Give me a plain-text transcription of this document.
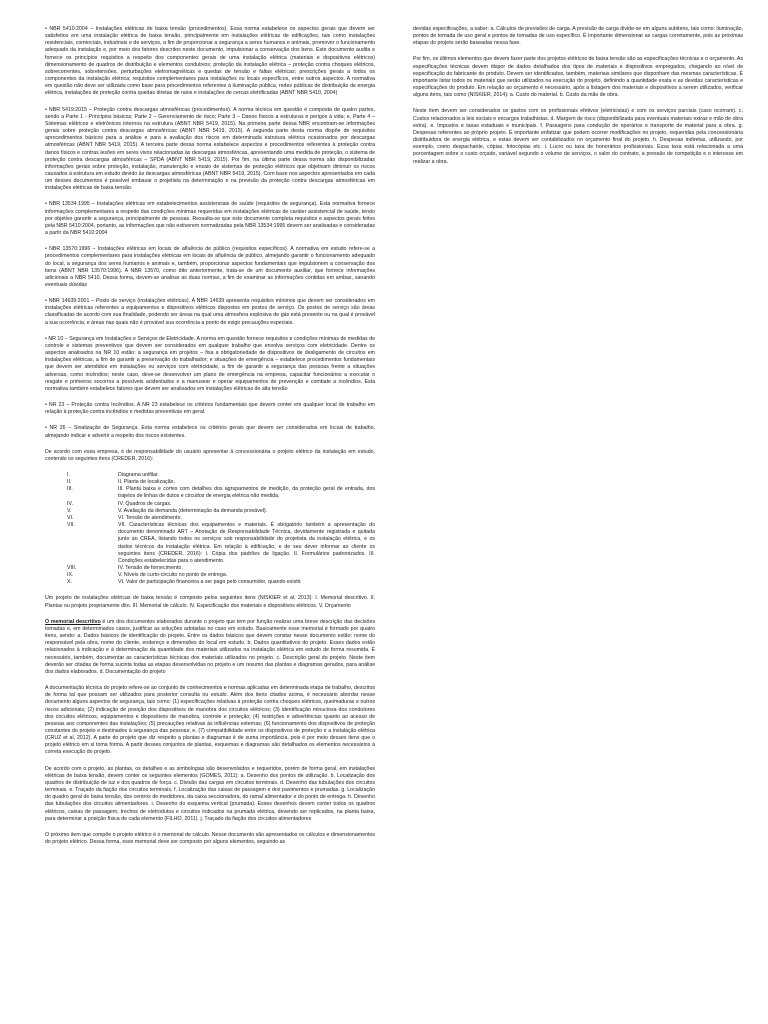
• NBR 5410:2004 – Instalações elétricas de baixa tensão (procedimentos). Essa norma estabelece os aspectos gerais que devem ser satisfeitos em uma instalação elétrica de baixa tensão, principalmente em instalações elétricas de edificações, tais como instalações residenciais, comerciais, industriais e de serviços, a fim de proporcionar a segurança a seres humanos e animais, promover o funcionamento adequado da instalação e, por meio dos fatores descritos neste documento, impulsionar a conservação dos bens. Este documento audita e fornece os princípios requisitos a respeito dos componentes gerais de uma instalação elétrica (materiais e dispositivos elétricos) dimensionamento de quadros de distribuição e elementos condutivos; proteção da instalação elétrica – proteção contra choques elétricos, sobrecorrentes, sobretensões, perturbações eletromagnéticas e quedas de tensão e faltas elétricas; prescrições gerais a todos os componentes da instalação elétrica; requisitos complementares para instalações ou locais específicos, entre outros aspectos. A normativa em questão não deve ser utilizada como base para procedimentos referentes à iluminação pública, redes públicas de distribuição de energia elétrica, instalações de proteção contra quedas diretas de raios e instalações de cercas eletrificadas (ABNT NBR 5410, 2004)

• NBR 5419:2015 – Proteção contra descargas atmosféricas (procedimentos). A norma técnica em questão é composta de quatro partes, sendo a Parte 1 - Princípios básicos; Parte 2 – Gerenciamento de risco; Parte 3 – Danos físicos a estruturas e perigos à vida; e, Parte 4 – Sistemas elétricos e eletrônicos internos na estrutura (ABNT NBR 5419, 2015). Na primeira parte dessa NBR encontram-se informações gerais sobre proteção contra descargas atmosféricas (ABNT NBR 5419, 2015). A segunda parte desta norma dispõe de requisitos aprocedimentos básicos para a análise e para a avaliação dos riscos em determinada estrutura elétrica ocasionados por descargas atmosféricas (ABNT NBR 5419, 2015). A terceira parte dessa norma estabelece aspectos e procedimentos referentes à proteção contra danos físicos e contras lesões em seres vivos relacionadas às descargas atmosféricas, apresentando uma medida de proteção, o sistema de proteção contra descargas atmosféricas – SPDA (ABNT NBR 5419, 2015). Por fim, na última parte dessa norma são disponibilizadas informações gerais sobre proteção, instalação, manutenção e ensaio de sistemas de proteção elétricos que objetivam diminuir os riscos causados à estrutura em estudo devido às descargas atmosféricas (ABNT NBR 5419, 2015). Com base nos aspectos apresentados em cada um desses documentos é possível embasar o projetista na determinação e na previsão da proteção contra descargas atmosféricas em instalações elétricas de baixa tensão.

• NBR 13534:1995 – Instalações elétricas em estabelecimentos assistenciais de saúde (requisitos de segurança). Esta normativa fornece informações complementares a respeito das condições mínimas requeridas em instalações elétricas de caráter assistencial de saúde, tendo por objetivo garantir a segurança, principalmente de pessoas. Ressalta-se que este documento completa requisitos e aspectos gerais feitos pela NBR 5410:2004, portanto, as informações que não estiverem normatizadas pela NBR 13534:1995 devem ser analisadas e consideradas a partir da NBR 5410:2004

• NBR 13570:1996 – Instalações elétricas em locais de afluência de público (requisitos específicos). A normativa em estudo refere-se a procedimentos complementares para instalações elétricas em locais de afluência de público, almejando garantir o funcionamento adequado do local, a segurança dos seres humanos e animais e, também, proporcionar aspectos fundamentais que impulsionem a conservação dos bens (ABNT NBR 13570:1996). A NBR 13570, como dito anteriormente, trata-se de um documento auxiliar, que fornece informações adicionais a NBR 5410. Dessa forma, devem-se analisar as duas normas, a fim de examinar as informações contidas em ambas, sanando eventuais dúvidas

• NBR 14639:2001 – Posto de serviço (instalações elétricas). A NBR 14639 apresenta requisitos mínimos que devem ser considerados em instalações elétricas referentes a equipamentos e dispositivos elétricos dispostos em postos de serviço. Os postos de serviço são áreas classificadas de acordo com sua finalidade, podendo ser áreas na qual uma atmosfera explosiva de gás está presente ou na qual é provável a sua ocorrência; e áreas nas quais não é provável sua ocorrência a ponto de exigir precauções especiais.

• NR 10 – Segurança em Instalações e Serviços de Eletricidade. A norma em questão fornece requisitos e condições mínimas de medidas de controle e sistemas preventivos que devem ser considerados em qualquer trabalho que envolva serviços com eletricidade. Dentre os aspectos analisados na NR 10 estão: a segurança em projetos – fixa a obrigatoriedade de dispositivos de desligamento de circuitos em instalações elétricas, a fim de garantir a preservação do trabalhador; e situações de emergência – estabelece procedimentos fundamentais que devem ser atendidos em instalações ou serviços com eletricidade, a fim de garantir a segurança das pessoas frente a situações adversas, como incêndios; neste caso, deve-se desenvolver um plano de emergência na empresa, capacitar funcionários a executar o resgate e primeiros socorros a possíveis acidentados e a manusear e operar equipamentos de prevenção e combate a incêndios. Esta normativa também estabelece fatores que devem ser analisados em instalações elétricas de alta tensão

• NR 23 – Proteção contra Incêndios. A NR 23 estabelece os critérios fundamentais que devem conter em qualquer local de trabalho em relação à proteção contra incêndios e medidas preventivas em geral.

• NR 26 – Sinalização de Segurança. Esta norma estabelece os critérios gerais que devem ser considerados em locais de trabalho, almejando indicar e advertir a respeito dos riscos existentes.

De acordo com essa empresa, é de responsabilidade do usuário apresentar à concessionária o projeto elétrico da instalação em estudo, contendo os seguintes itens (CREDER, 2016):

I.	Diagrama unifilar.
II.	II. Planta de localização.
III.	III. Planta baixa e cortes com detalhes dos agrupamentos de medição, da proteção geral de entrada, dos trajetos de linhas de dutos e circuitos de energia elétrica não medida.
IV.	IV. Quadros de cargas.
V.	V. Avaliação da demanda (determinação da demanda provável).
VI.	VI. Tensão de atendimento.
VII.	VII. Características técnicas dos equipamentos e materiais. É obrigatório também a apresentação do documento denominado ART – Anotação de Responsabilidade Técnica, devidamente registrada e quitada junto ao CREA, listando todos os serviços sob responsabilidade do projetista da instalação elétrica, e os dados técnicos da instalação elétrica. Em relação à edificação, e de seu dever informar ao cliente os seguintes itens (CREDER, 2016): I. Cópia dos padrões de ligação. II. Formulários padronizados. III. Condições estabelecidas para o atendimento.
VIII.	IV. Tensão de fornecimento.
IX.	V. Níveis de curto-circuito no ponto de entrega.
X.	VI. Valor de participação financeira a ser pago pelo consumidor, quando existir.

Um projeto de instalações elétricas de baixa tensão é composto pelos seguintes itens (NISKIER et al, 2013): I. Memorial descritivo. II. Plantas ou projeto propriamente dito. III. Memorial de cálculo. IV. Especificação dos materiais e dispositivos elétricos. V. Orçamento

O memorial descritivo é um dos documentos elaborados durante o projeto que tem por função realizar uma breve descrição das decisões tomadas e, em determinados casos, justificar as soluções adotadas no caso em estudo. Basicamente esse memorial é formado por quatro itens, sendo: a. Dados básicos de identificação do projeto. Entre os dados básicos que devem constar nesse documento estão: nome do responsável pela obra, nome do cliente, endereço e dimensões do local em estudo. b. Dados quantitativos do projeto. Esses dados estão relacionados à indicação e à determinação da quantidade dos materiais utilizados na instalação elétrica em estudo de forma resumida. É necessário, também, documentar as características técnicas dos materiais utilizados no projeto. c. Descrição geral do projeto. Neste item deverão ser citadas de forma sucinta todas as etapas desenvolvidas no projeto e um resumo das plantas e diagramas gerados, para análise dos dados elaborados. d. Documentação do projeto

A documentação técnica do projeto refere-se ao conjunto de conhecimentos e normas aplicadas em determinada etapa de trabalho, descritos de forma tal que possam ser utilizados para posterior consulta ou estudo. Além dos itens citados acima, é necessário abordar nesse documento alguns aspectos de segurança, tais como: (1) especificações relativas à proteção contra choques elétricos, queimaduras e outros riscos adicionais; (2) indicação de posição dos dispositivos de manobra dos circuitos elétricos; (3) identificação minuciosa dos condutores dos circuitos elétricos, equipamentos e dispositivos de manobra, controle e proteção; (4) restrições e advertências quanto ao acesso de pessoas aos componentes das instalações; (5) precauções relativas às influências externas; (6) funcionamento dos dispositivos de proteção constantes do projeto e destinados à segurança das pessoas; e, (7) compatibilidade entre os dispositivos de proteção e a instalação elétrica (CRUZ et al, 2012). A parte do projeto que diz respeito a plantas e diagramas é de suma importância, pois é por meio desses itens que o projeto elétrico em si toma forma. A partir desses conjuntos de plantas, esquemas e diagramas são detalhados os elementos necessários à correta execução do projeto.

De acordo com o projeto, as plantas, os detalhes e as simbologias são desenvolvidos e requeridos, porém de forma geral, em instalações elétricas de baixa tensão, devem conter os seguintes elementos (GOMES, 2011): a. Desenho dos pontos de utilização. b. Localização dos quadros de distribuição de luz e dos quadros de força. c. Divisão das cargas em circuitos terminais. d. Desenho das tubulações dos circuitos terminais. e. Traçado da fiação dos circuitos terminais. f. Localização das caixas de passagem e dos pavimentos e prumadas. g. Localização do quadro geral de baixa tensão, dos centros de medidores, da caixa seccionadora, do ramal alimentador e do ponto de entrega. h. Desenho das tubulações dos circuitos alimentadores. i. Desenho do esquema vertical (prumada). Esses desenhos devem conter todos os quadros elétricos, caixas de passagem, trechos de eletrodutos e circuitos indicados na prumada elétrica, devendo ser replicados, na planta baixa, para determinar a posição física de cada elemento (FILHO, 2011). j. Traçado da fiação dos circuitos alimentadores

O próximo item que compõe o projeto elétrico é o memorial de cálculo. Nesse documento são apresentados os cálculos e dimensionamentos do projeto elétrico. Dessa forma, esse memorial deve ser composto por alguns elementos, seguindo as

devidas especificações, a saber: a. Cálculos de previsões de carga. A previsão de carga divide-se em alguns subitens, tais como: iluminação, pontos de tomada de uso geral e pontos de tomadas de uso específico. É importante dimensionar as cargas corretamente, pois as próximas etapas do projeto serão baseadas nessa fase.

Por fim, os últimos elementos que devem fazer parte dos projetos elétricos de baixa tensão são as especificações técnicas e o orçamento. As especificações técnicas devem dispor de dados detalhados dos tipos de materiais e dispositivos empregados, chegando ao nível de especificação do fabricante do produto. Devem ser identificados, também, materiais similares que disponham das mesmas características. É importante listar todos os materiais que serão utilizados na execução do projeto, definindo a quantidade exata e as devidas características e especificações do produto. Em relação ao orçamento é necessário, após a listagem dos materiais e dispositivos a serem utilizados, verificar alguns itens, tais como (NISKIER, 2014): a. Custo do material. b. Custo da mão de obra.

Neste item devem ser considerados os gastos com os profissionais efetivos (eletricistas) e com os serviços parciais (caso ocorram). c. Custos relacionados a leis sociais e encargos trabalhistas. d. Margem de risco (disponibilizada para eventuais materiais extras e mão de obra extra). e. Impostos e taxas estaduais e municipais. f. Passagens para condução de operários e transporte de material para a obra. g. Despesas referentes ao próprio projeto. É importante enfatizar que podem ocorrer modificações no projeto, requeridas pela concessionária distribuidora de energia elétrica, e estas devem ser contabilizados no orçamento final do projeto. h. Despesas indiretas, utilizando, por exemplo, como despachante, cópias, fotocópias etc. i. Lucro ou taxa de honorários profissionais. Essa taxa está relacionada a uma porcentagem sobre o custo orçado, variável segundo o volume de serviços, o valor do contrato, a pressão de competição e o interesse em realizar a obra.
